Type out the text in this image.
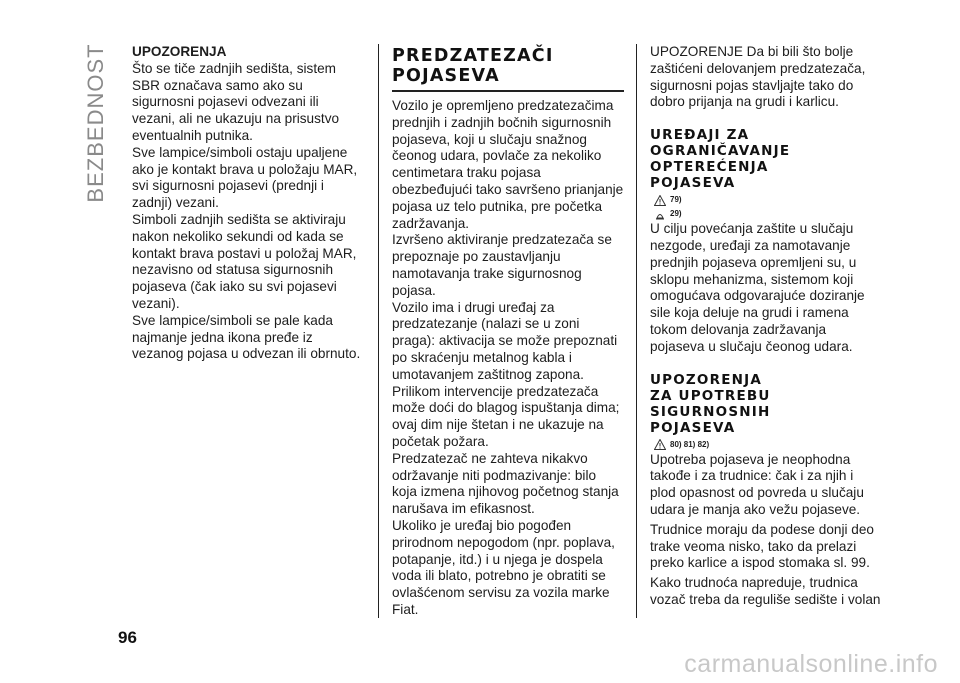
BEZBEDNOST UPOZORENJA

Što se tiče zadnjih sedišta, sistem SBR označava samo ako su sigurnosni pojasevi odvezani ili vezani, ali ne ukazuju na prisustvo eventualnih putnika.

Sve lampice/simboli ostaju upaljene ako je kontakt brava u položaju MAR, svi sigurnosni pojasevi (prednji i zadnji) vezani.

Simboli zadnjih sedišta se aktiviraju nakon nekoliko sekundi od kada se kontakt brava postavi u položaj MAR, nezavisno od statusa sigurnosnih pojaseva (čak iako su svi pojasevi vezani).

Sve lampice/simboli se pale kada najmanje jedna ikona pređe iz vezanog pojasa u odvezan ili obrnuto.

PREDZATEZAČI
POJASEVA

Vozilo je opremljeno predzatezačima prednjih i zadnjih bočnih sigurnosnih pojaseva, koji u slučaju snažnog čeonog udara, povlače za nekoliko centimetara traku pojasa obezbeđujući tako savršeno prianjanje pojasa uz telo putnika, pre početka zadržavanja.

Izvršeno aktiviranje predzatezača se prepoznaje po zaustavljanju namotavanja trake sigurnosnog pojasa.

Vozilo ima i drugi uređaj za predzatezanje (nalazi se u zoni praga): aktivacija se može prepoznati po skraćenju metalnog kabla i umotavanjem zaštitnog zapona.

Prilikom intervencije predzatezača može doći do blagog ispuštanja dima; ovaj dim nije štetan i ne ukazuje na početak požara.

Predzatezač ne zahteva nikakvo održavanje niti podmazivanje: bilo koja izmena njihovog početnog stanja narušava im efikasnost.

Ukoliko je uređaj bio pogođen prirodnom nepogodom (npr. poplava, potapanje, itd.) i u njega je dospela voda ili blato, potrebno je obratiti se ovlašćenom servisu za vozila marke Fiat.

UPOZORENJE Da bi bili što bolje zaštićeni delovanjem predzatezača, sigurnosni pojas stavljajte tako do dobro prijanja na grudi i karlicu.

UREĐAJI ZA
OGRANIČAVANJE
OPTEREĆENJA
POJASEVA
79)
29)

U cilju povećanja zaštite u slučaju nezgode, uređaji za namotavanje prednjih pojaseva opremljeni su, u sklopu mehanizma, sistemom koji omogućava odgovarajuće doziranje sile koja deluje na grudi i ramena tokom delovanja zadržavanja pojaseva u slučaju čeonog udara.

UPOZORENJA
ZA UPOTREBU
SIGURNOSNIH
POJASEVA
80) 81) 82)

Upotreba pojaseva je neophodna takođe i za trudnice: čak i za njih i plod opasnost od povreda u slučaju udara je manja ako vežu pojaseve.

Trudnice moraju da podese donji deo trake veoma nisko, tako da prelazi preko karlice a ispod stomaka sl. 99.

Kako trudnoća napreduje, trudnica vozač treba da reguliše sedište i volan

96
carmanualsonline.info
